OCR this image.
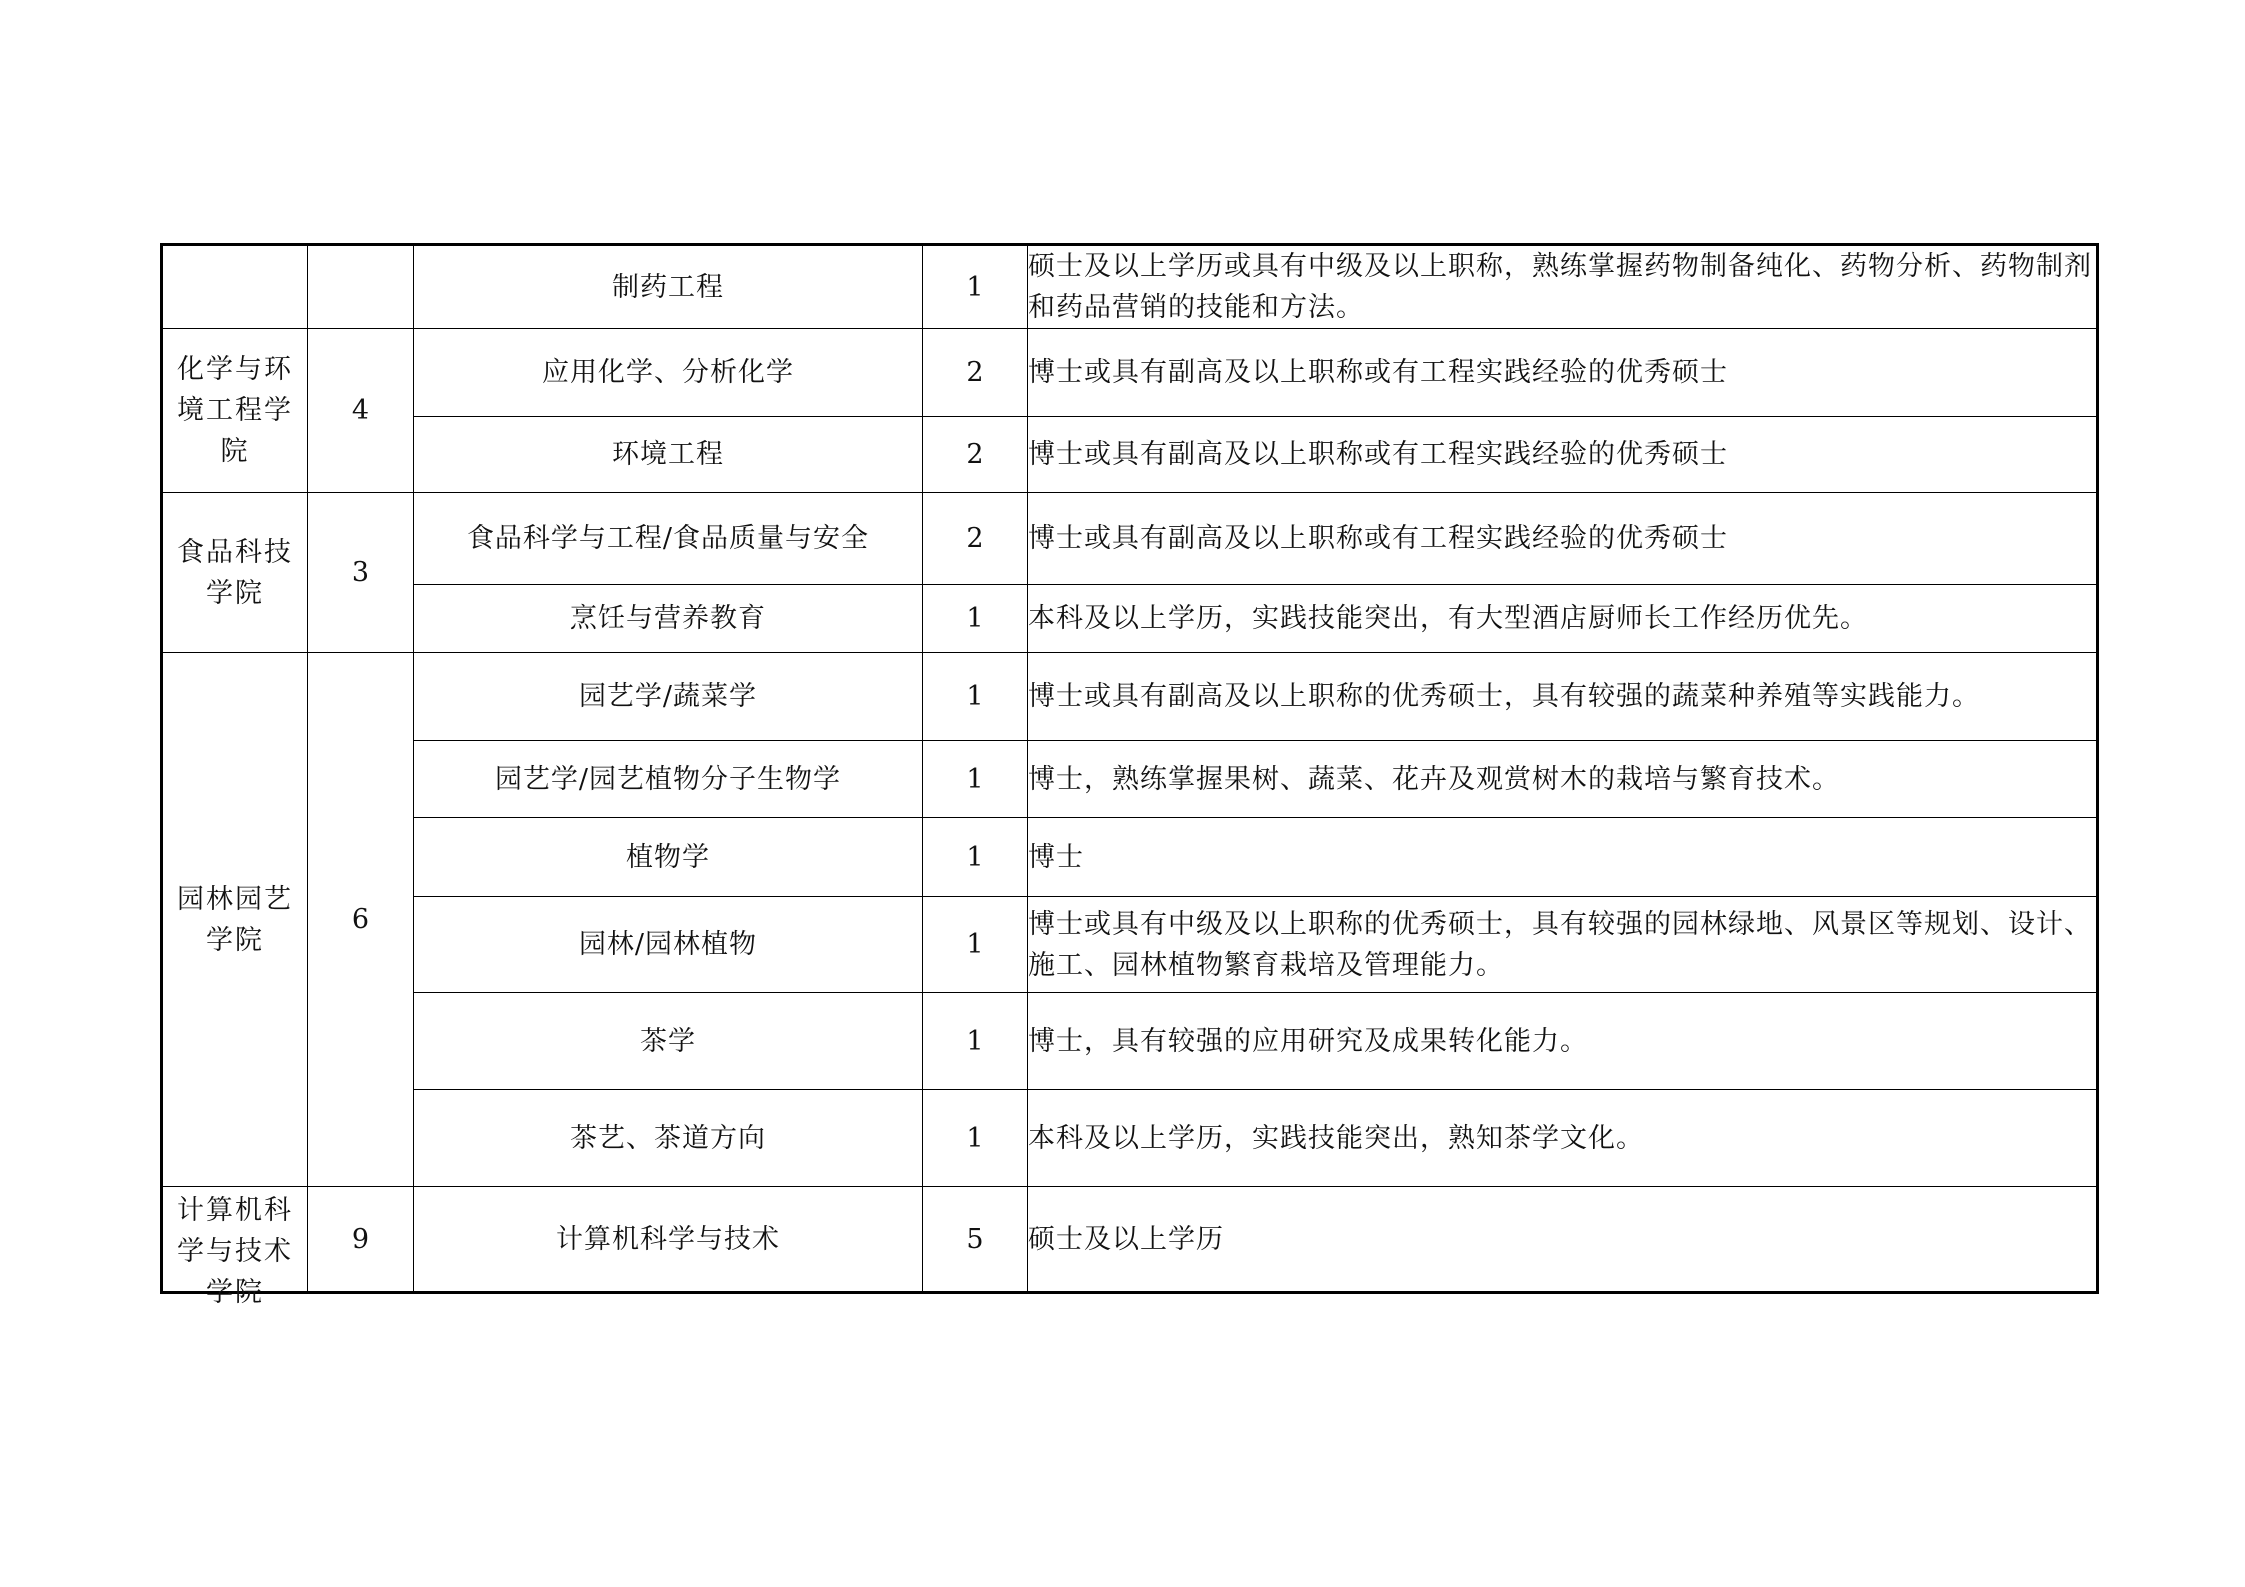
		制药工程	1	硕士及以上学历或具有中级及以上职称，熟练掌握药物制备纯化、药物分析、药物制剂和药品营销的技能和方法。
化学与环境工程学院	4	应用化学、分析化学	2	博士或具有副高及以上职称或有工程实践经验的优秀硕士
		环境工程	2	博士或具有副高及以上职称或有工程实践经验的优秀硕士
食品科技学院	3	食品科学与工程/食品质量与安全	2	博士或具有副高及以上职称或有工程实践经验的优秀硕士
		烹饪与营养教育	1	本科及以上学历，实践技能突出，有大型酒店厨师长工作经历优先。
园林园艺学院	6	园艺学/蔬菜学	1	博士或具有副高及以上职称的优秀硕士，具有较强的蔬菜种养殖等实践能力。
		园艺学/园艺植物分子生物学	1	博士，熟练掌握果树、蔬菜、花卉及观赏树木的栽培与繁育技术。
		植物学	1	博士
		园林/园林植物	1	博士或具有中级及以上职称的优秀硕士，具有较强的园林绿地、风景区等规划、设计、施工、园林植物繁育栽培及管理能力。
		茶学	1	博士，具有较强的应用研究及成果转化能力。
		茶艺、茶道方向	1	本科及以上学历，实践技能突出，熟知茶学文化。

计算机科学与技术学院	9	计算机科学与技术	5	硕士及以上学历
